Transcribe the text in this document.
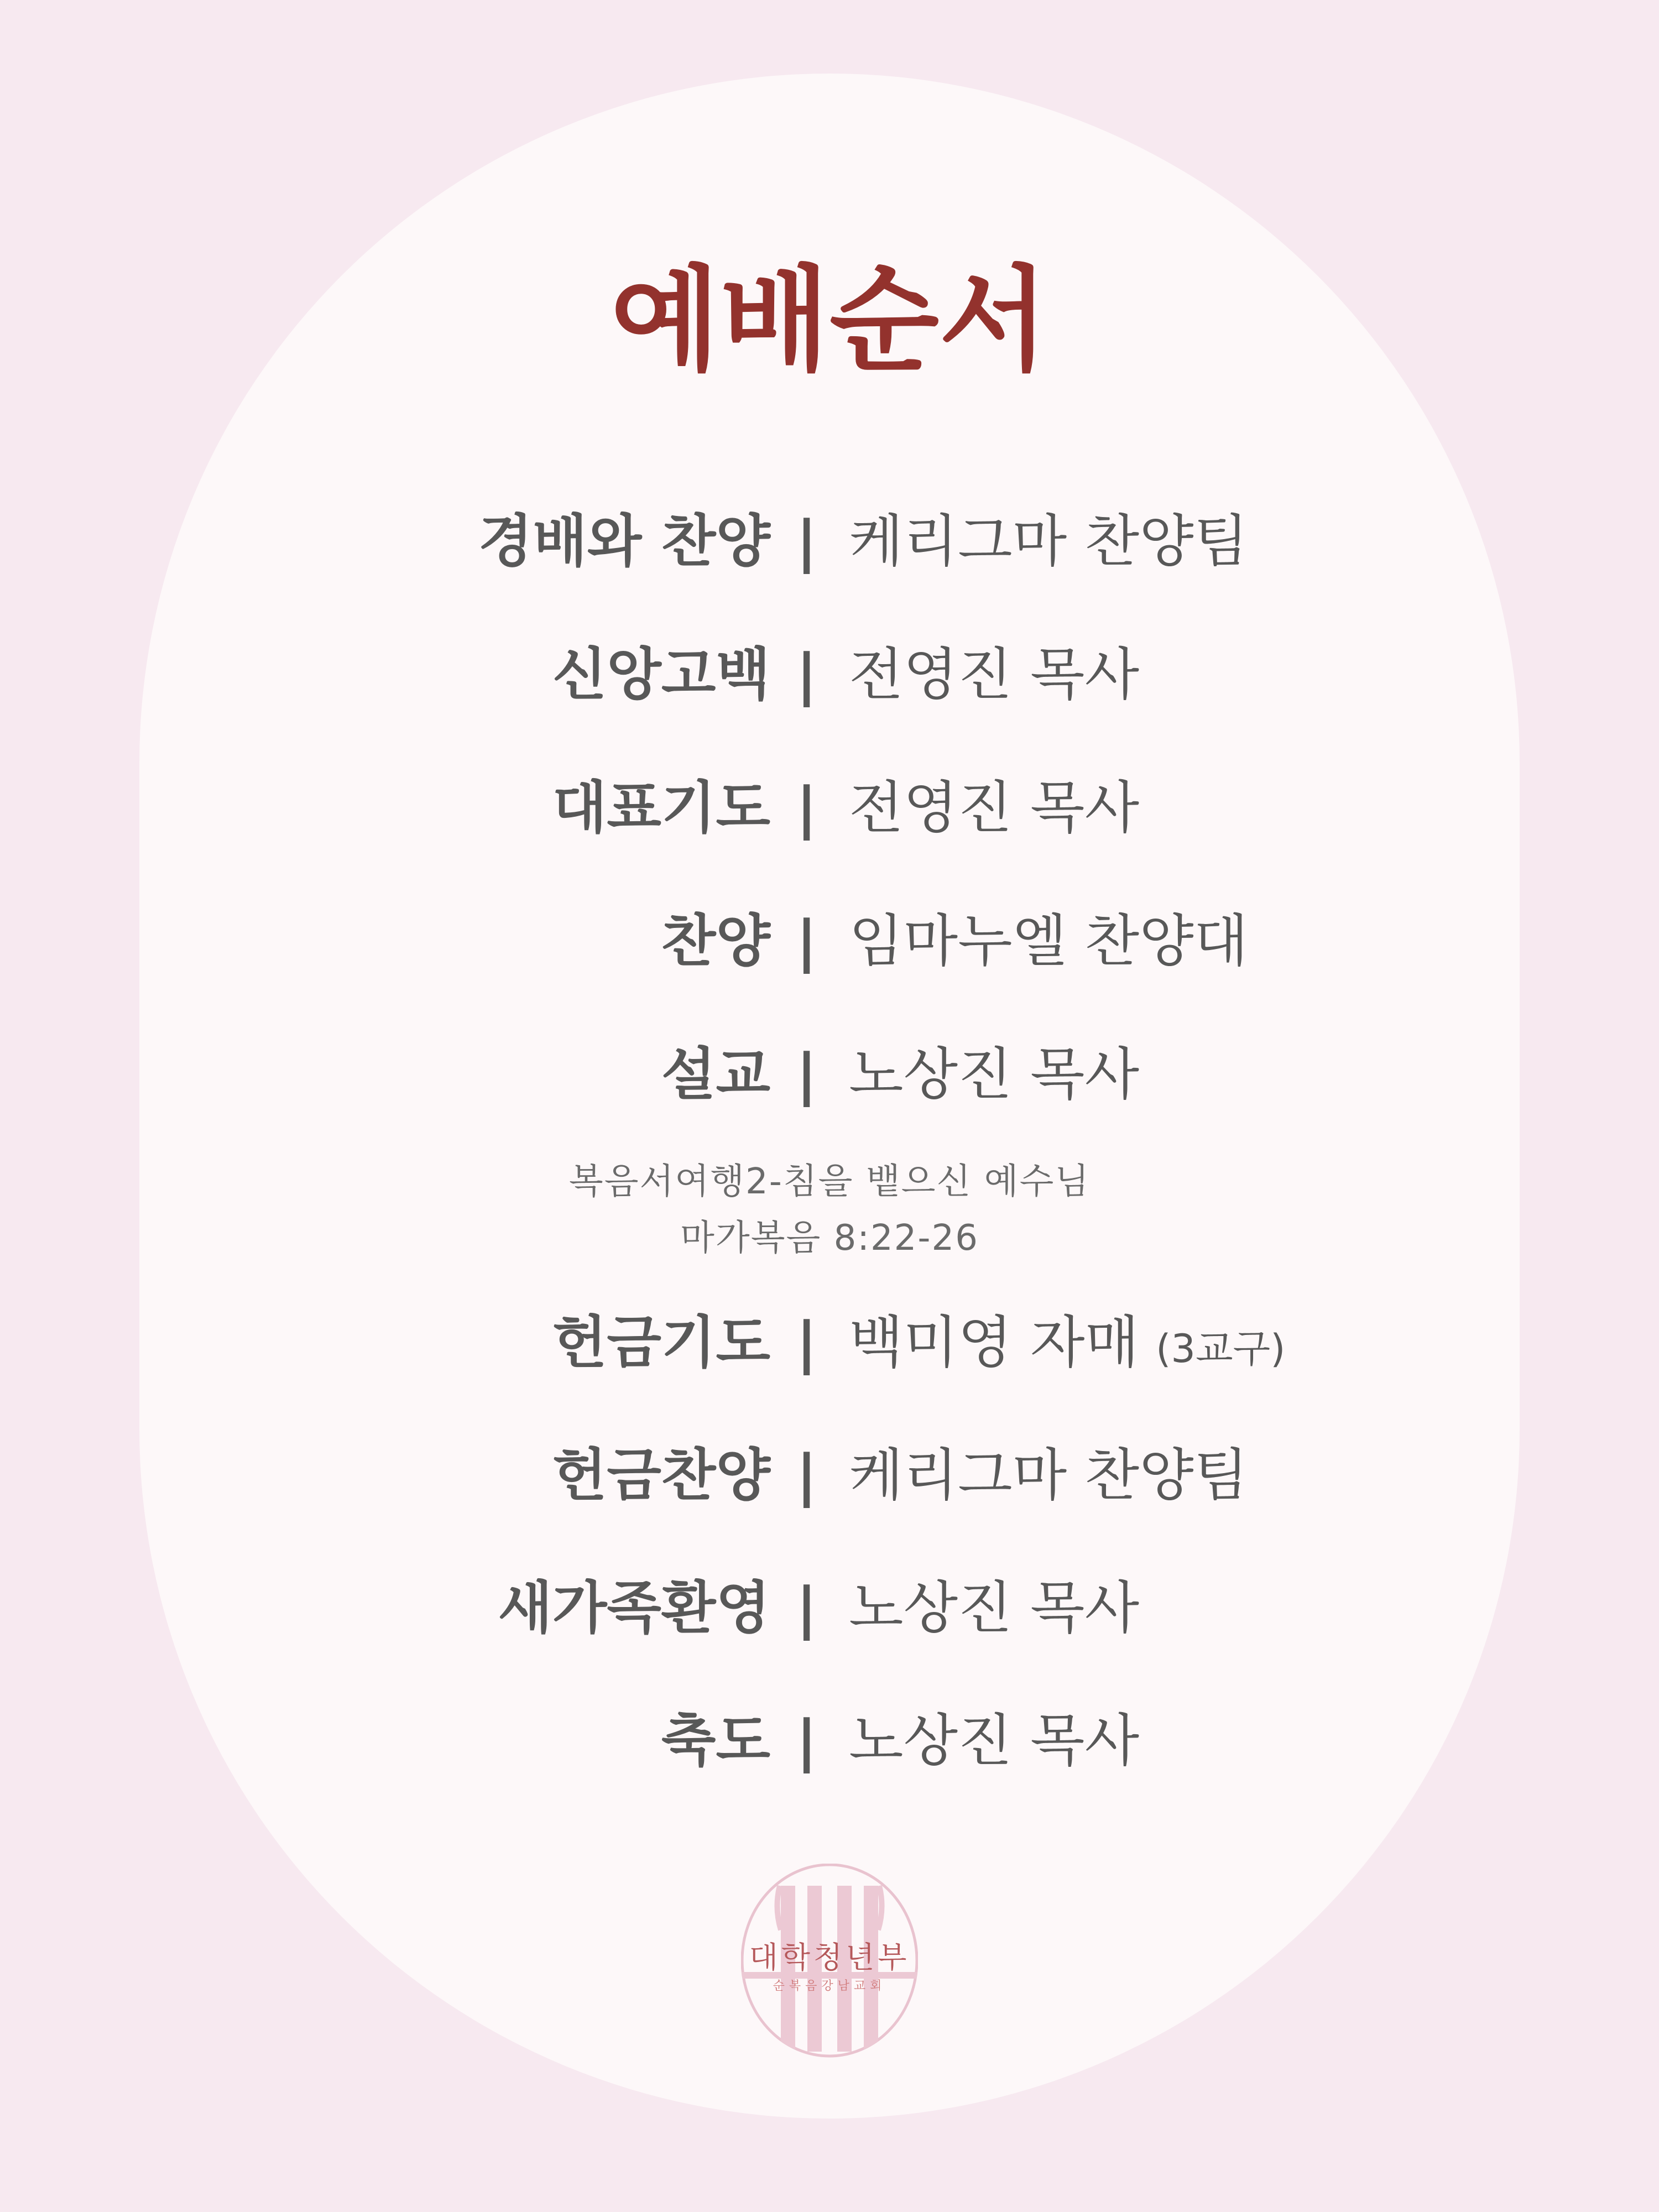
예배순서
경배와 찬양 | 케리그마 찬양팀
신앙고백 | 전영진 목사
대표기도 | 전영진 목사
찬양 | 임마누엘 찬양대
설교 | 노상진 목사
복음서여행2-침을 뱉으신 예수님
마가복음 8:22-26
헌금기도 | 백미영 자매 (3교구)
헌금찬양 | 케리그마 찬양팀
새가족환영 | 노상진 목사
축도 | 노상진 목사
대학청년부
순복음강남교회
